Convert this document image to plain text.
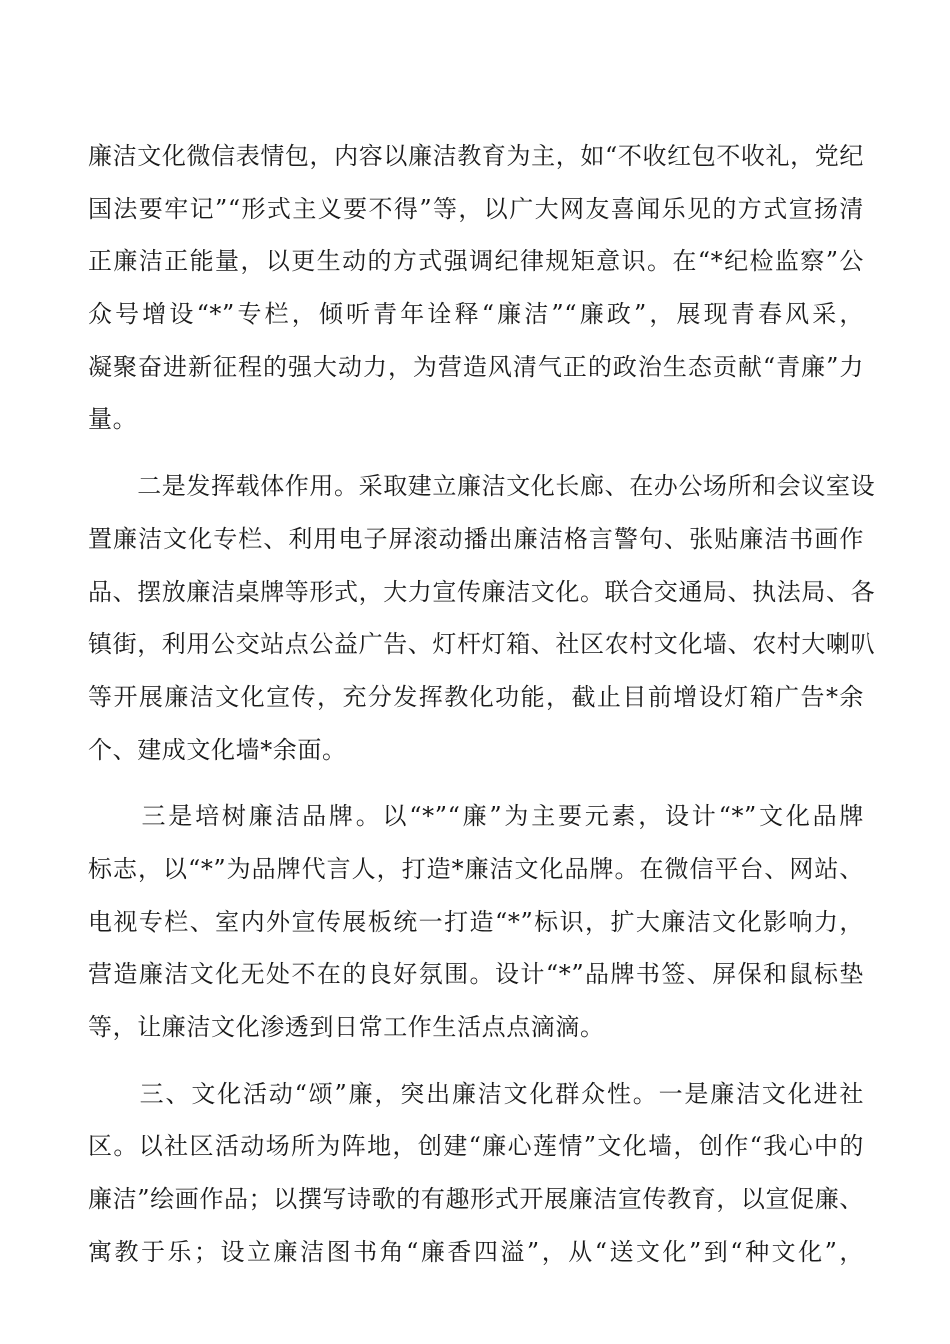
廉洁文化微信表情包，内容以廉洁教育为主，如“不收红包不收礼，党纪
国法要牢记”“形式主义要不得”等，以广大网友喜闻乐见的方式宣扬清
正廉洁正能量，以更生动的方式强调纪律规矩意识。在“*纪检监察”公
众号增设“*”专栏，倾听青年诠释“廉洁”“廉政”，展现青春风采，
凝聚奋进新征程的强大动力，为营造风清气正的政治生态贡献“青廉”力
量。
　　二是发挥载体作用。采取建立廉洁文化长廊、在办公场所和会议室设
置廉洁文化专栏、利用电子屏滚动播出廉洁格言警句、张贴廉洁书画作
品、摆放廉洁桌牌等形式，大力宣传廉洁文化。联合交通局、执法局、各
镇街，利用公交站点公益广告、灯杆灯箱、社区农村文化墙、农村大喇叭
等开展廉洁文化宣传，充分发挥教化功能，截止目前增设灯箱广告*余
个、建成文化墙*余面。
　　三是培树廉洁品牌。以“*”“廉”为主要元素，设计“*”文化品牌
标志，以“*”为品牌代言人，打造*廉洁文化品牌。在微信平台、网站、
电视专栏、室内外宣传展板统一打造“*”标识，扩大廉洁文化影响力，
营造廉洁文化无处不在的良好氛围。设计“*”品牌书签、屏保和鼠标垫
等，让廉洁文化渗透到日常工作生活点点滴滴。
　　三、文化活动“颂”廉，突出廉洁文化群众性。一是廉洁文化进社
区。以社区活动场所为阵地，创建“廉心莲情”文化墙，创作“我心中的
廉洁”绘画作品；以撰写诗歌的有趣形式开展廉洁宣传教育，以宣促廉、
寓教于乐；设立廉洁图书角“廉香四溢”，从“送文化”到“种文化”，
